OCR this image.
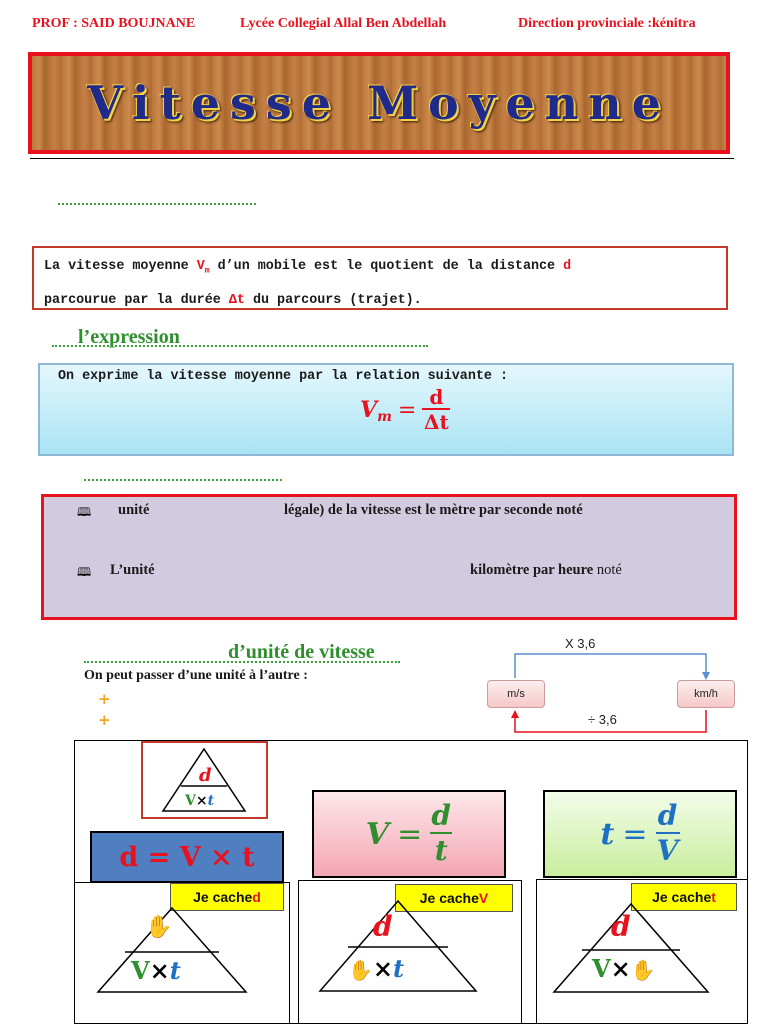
PROF : SAID BOUJNANE	Lycée Collegial Allal Ben Abdellah	Direction provinciale :kénitra
Vitesse Moyenne
La vitesse moyenne $V_m$ d’un mobile est le quotient de la distance d
parcourue par la durée Δt du parcours (trajet).
l’expression
On exprime la vitesse moyenne par la relation suivante :
V m =
d
Δt
🕮 unité	légale) de la vitesse est le mètre par seconde noté
🕮 L’unité	kilomètre par heure noté
d’unité de vitesse
On peut passer d’une unité à l’autre :
+
+
X 3,6
÷ 3,6
m/s	km/h
d
V×t
d = V × t
V =
d
t	t =
d
V
Je cache d	Je cache V	Je cache t
✋
V×t
d
✋×t
d
V×✋
